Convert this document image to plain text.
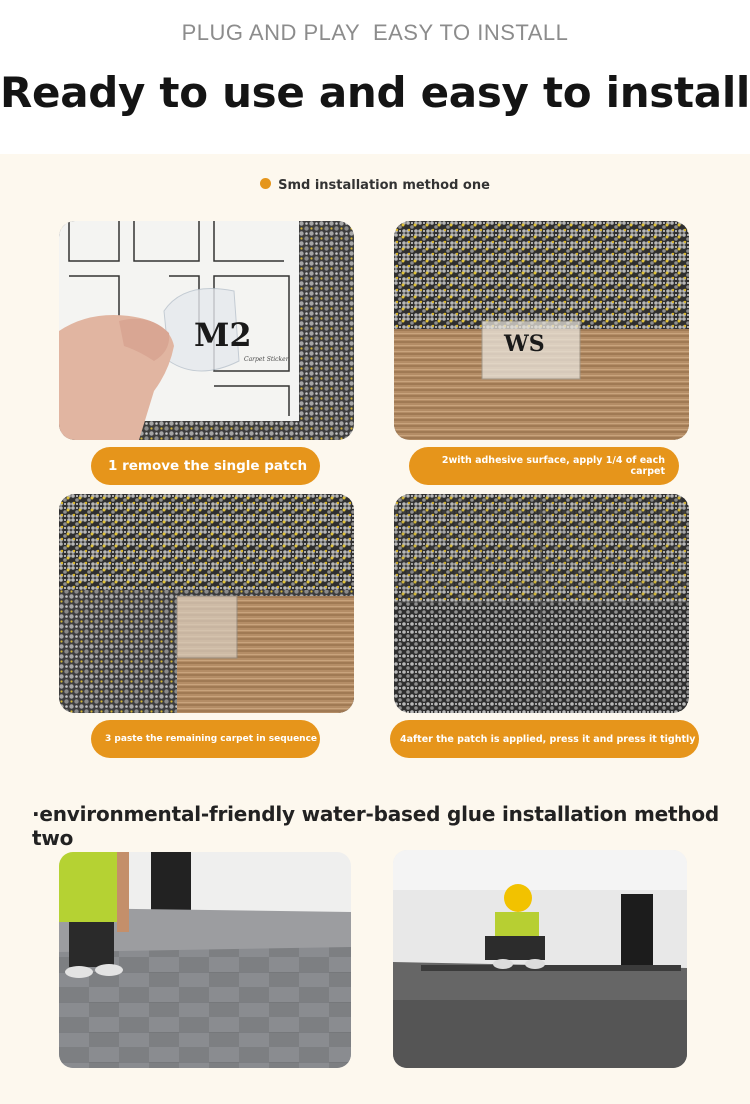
PLUG AND PLAY  EASY TO INSTALL
Ready to use and easy to install
Smd installation method one
M2
Carpet Sticker
1 remove the single patch
WS
2with adhesive surface, apply 1/4 of each carpet
3 paste the remaining carpet in sequence	4after the patch is applied, press it and press it tightly
·environmental-friendly water-based glue installation method two
